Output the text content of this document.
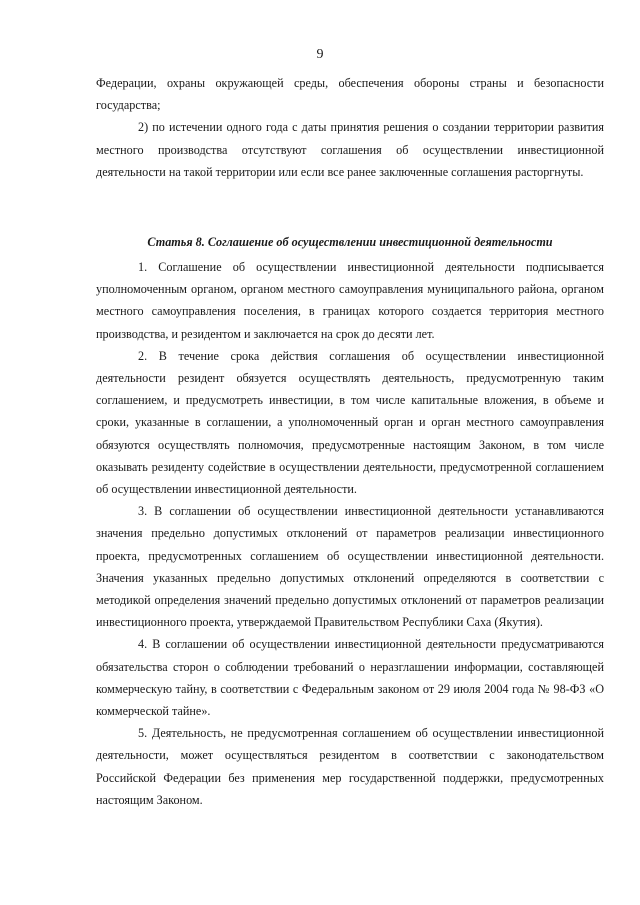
9

Федерации, охраны окружающей среды, обеспечения обороны страны и безопасности государства;

2) по истечении одного года с даты принятия решения о создании территории развития местного производства отсутствуют соглашения об осуществлении инвестиционной деятельности на такой территории или если все ранее заключенные соглашения расторгнуты.

Статья 8. Соглашение об осуществлении инвестиционной деятельности

1. Соглашение об осуществлении инвестиционной деятельности подписывается уполномоченным органом, органом местного самоуправления муниципального района, органом местного самоуправления поселения, в границах которого создается территория местного производства, и резидентом и заключается на срок до десяти лет.

2. В течение срока действия соглашения об осуществлении инвестиционной деятельности резидент обязуется осуществлять деятельность, предусмотренную таким соглашением, и предусмотреть инвестиции, в том числе капитальные вложения, в объеме и сроки, указанные в соглашении, а уполномоченный орган и орган местного самоуправления обязуются осуществлять полномочия, предусмотренные настоящим Законом, в том числе оказывать резиденту содействие в осуществлении деятельности, предусмотренной соглашением об осуществлении инвестиционной деятельности.

3. В соглашении об осуществлении инвестиционной деятельности устанавливаются значения предельно допустимых отклонений от параметров реализации инвестиционного проекта, предусмотренных соглашением об осуществлении инвестиционной деятельности. Значения указанных предельно допустимых отклонений определяются в соответствии с методикой определения значений предельно допустимых отклонений от параметров реализации инвестиционного проекта, утверждаемой Правительством Республики Саха (Якутия).

4. В соглашении об осуществлении инвестиционной деятельности предусматриваются обязательства сторон о соблюдении требований о неразглашении информации, составляющей коммерческую тайну, в соответствии с Федеральным законом от 29 июля 2004 года № 98-ФЗ «О коммерческой тайне».

5. Деятельность, не предусмотренная соглашением об осуществлении инвестиционной деятельности, может осуществляться резидентом в соответствии с законодательством Российской Федерации без применения мер государственной поддержки, предусмотренных настоящим Законом.
